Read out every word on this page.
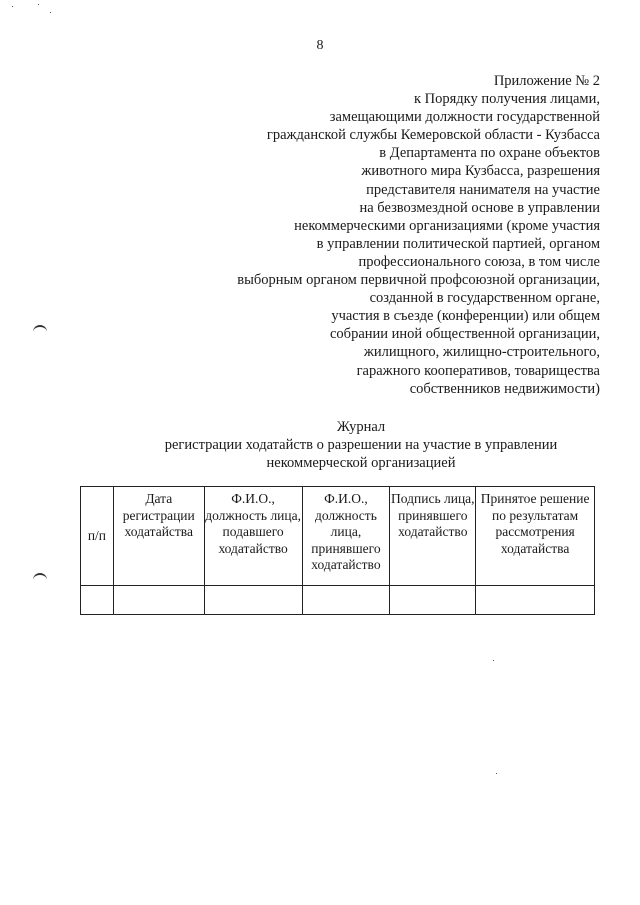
8
Приложение № 2
к Порядку получения лицами,
замещающими должности государственной
гражданской службы Кемеровской области - Кузбасса
в Департамента по охране объектов
животного мира Кузбасса, разрешения
представителя нанимателя на участие
на безвозмездной основе в управлении
некоммерческими организациями (кроме участия
в управлении политической партией, органом
профессионального союза, в том числе
выборным органом первичной профсоюзной организации,
созданной в государственном органе,
участия в съезде (конференции) или общем
собрании иной общественной организации,
жилищного, жилищно-строительного,
гаражного кооперативов, товарищества
собственников недвижимости)
Журнал
регистрации ходатайств о разрешении на участие в управлении
некоммерческой организацией
п/п	Дата регистрации ходатайства	Ф.И.О., должность лица, подавшего ходатайство	Ф.И.О., должность лица, принявшего ходатайство	Подпись лица, принявшего ходатайство	Принятое решение по результатам рассмотрения ходатайства
